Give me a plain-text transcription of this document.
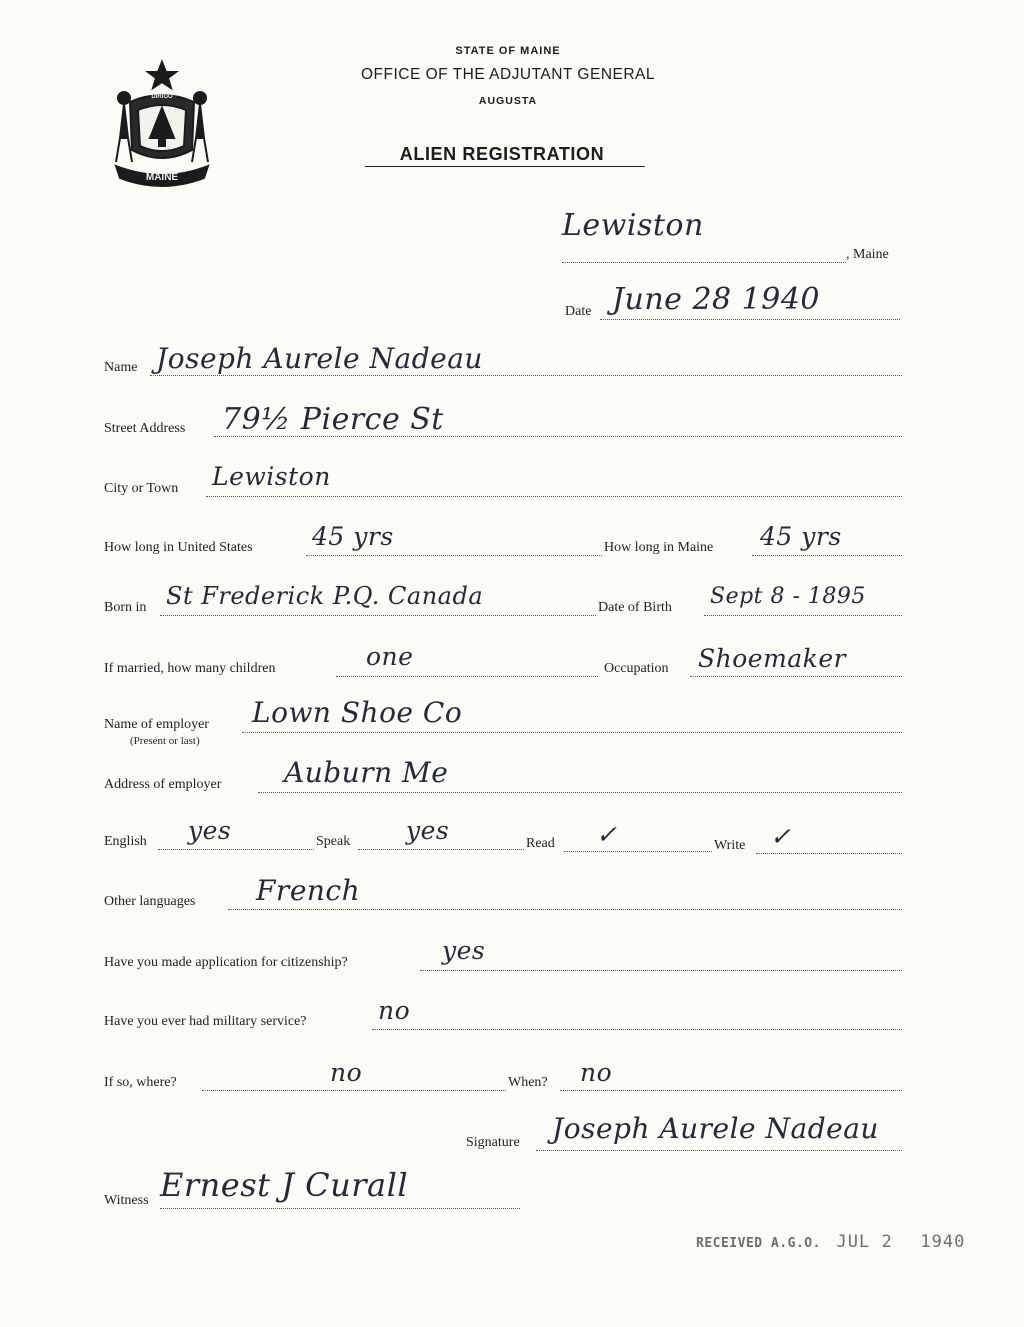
DIRIGO
MAINE
STATE OF MAINE
OFFICE OF THE ADJUTANT GENERAL
AUGUSTA
ALIEN REGISTRATION
Lewiston
, Maine
Date June 28 1940
Name Joseph Aurele Nadeau
Street Address 79½ Pierce St
City or Town Lewiston
How long in United States 45 yrs	How long in Maine 45 yrs
Born in St Frederick P.Q. Canada	Date of Birth Sept 8 - 1895
If married, how many children	one	Occupation Shoemaker
Name of employer
(Present or last)
Lown Shoe Co
Address of employer Auburn Me
English yes	Speak yes	Read ✓	Write ✓
Other languages French
Have you made application for citizenship?	yes
Have you ever had military service?	no
If so, where?	no	When? no
Signature Joseph Aurele Nadeau
Witness Ernest J Curall
RECEIVED A.G.O. JUL 2 1940
